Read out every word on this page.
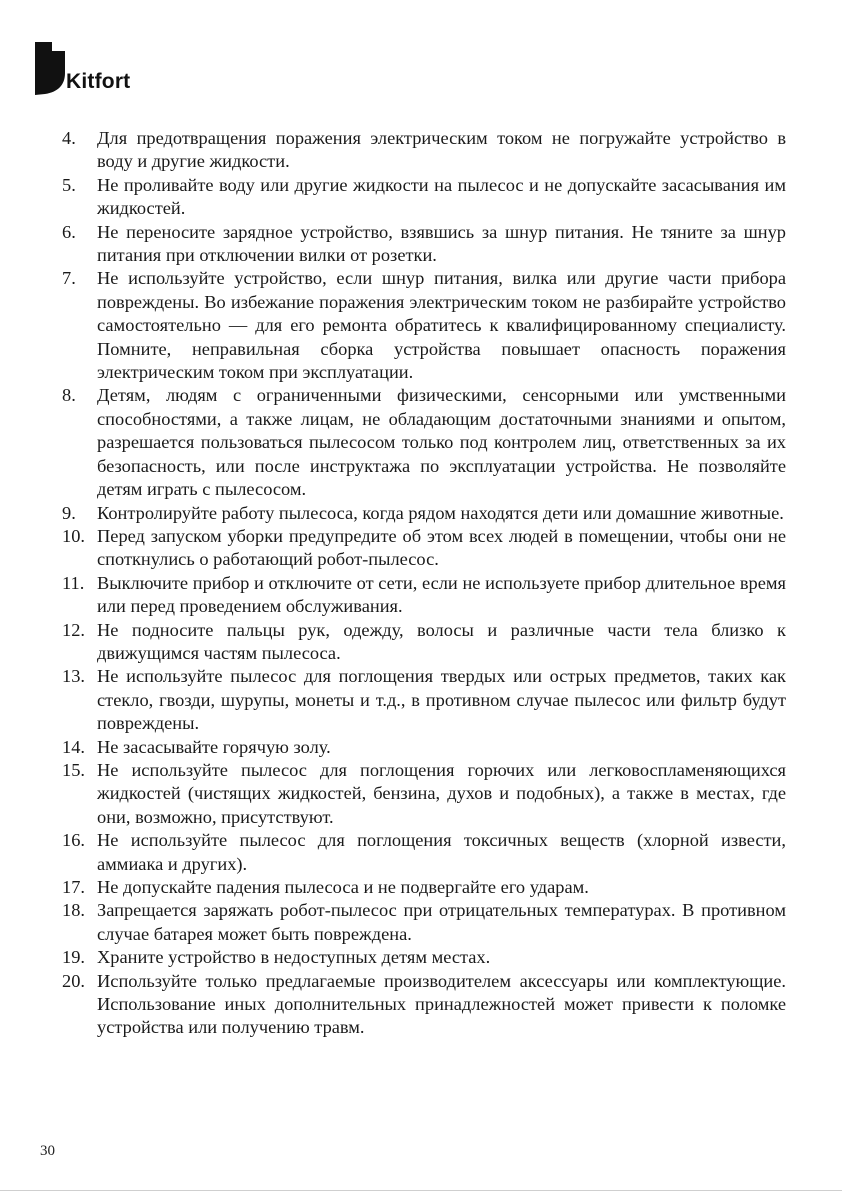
Kitfort
4.	Для предотвращения поражения электрическим током не погружайте устройство в воду и другие жидкости.
5.	Не проливайте воду или другие жидкости на пылесос и не допускайте засасывания им жидкостей.
6.	Не переносите зарядное устройство, взявшись за шнур питания. Не тяните за шнур питания при отключении вилки от розетки.
7.	Не используйте устройство, если шнур питания, вилка или другие части прибора повреждены. Во избежание поражения электрическим током не разбирайте устройство самостоятельно — для его ремонта обратитесь к квалифицированному специалисту. Помните, неправильная сборка устройства повышает опасность поражения электрическим током при эксплуатации.
8.	Детям, людям с ограниченными физическими, сенсорными или умственными способностями, а также лицам, не обладающим достаточными знаниями и опытом, разрешается пользоваться пылесосом только под контролем лиц, ответственных за их безопасность, или после инструктажа по эксплуатации устройства. Не позволяйте детям играть с пылесосом.
9.	Контролируйте работу пылесоса, когда рядом находятся дети или домашние животные.
10. Перед запуском уборки предупредите об этом всех людей в помещении, чтобы они не споткнулись о работающий робот-пылесос.
11. Выключите прибор и отключите от сети, если не используете прибор длительное время или перед проведением обслуживания.
12. Не подносите пальцы рук, одежду, волосы и различные части тела близко к движущимся частям пылесоса.
13. Не используйте пылесос для поглощения твердых или острых предметов, таких как стекло, гвозди, шурупы, монеты и т.д., в противном случае пылесос или фильтр будут повреждены.
14. Не засасывайте горячую золу.
15. Не используйте пылесос для поглощения горючих или легковоспламеняющихся жидкостей (чистящих жидкостей, бензина, духов и подобных), а также в местах, где они, возможно, присутствуют.
16. Не используйте пылесос для поглощения токсичных веществ (хлорной извести, аммиака и других).
17. Не допускайте падения пылесоса и не подвергайте его ударам.
18. Запрещается заряжать робот-пылесос при отрицательных температурах. В противном случае батарея может быть повреждена.
19. Храните устройство в недоступных детям местах.
20. Используйте только предлагаемые производителем аксессуары или комплектующие. Использование иных дополнительных принадлежностей может привести к поломке устройства или получению травм.
30
